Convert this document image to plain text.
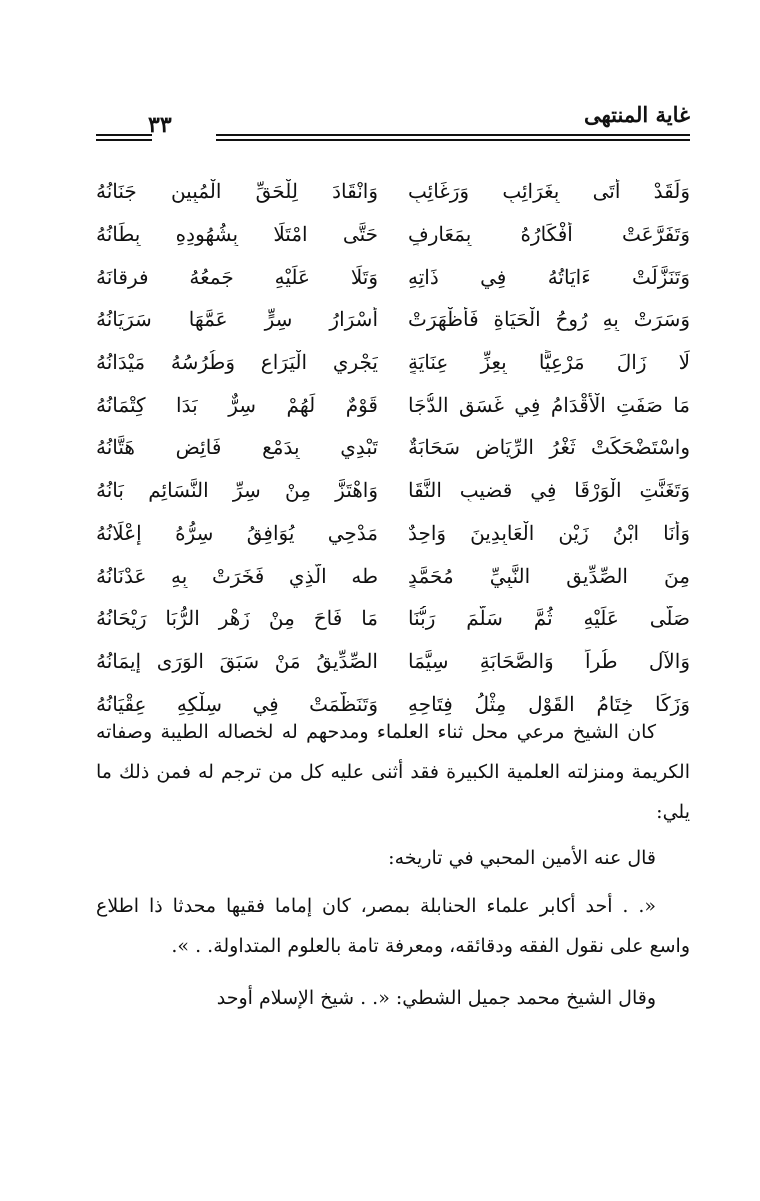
غاية المنتهى
٣٣
وَلَقَدْ أَتَى بِغَرَائِبٍ وَرَغَائِبٍ
وَانْقَادَ لِلْحَقِّ الْمُبِينِ جَنَانُهُ
وَتَفَرَّعَتْ أَفْكَارُهُ بِمَعَارِفٍ
حَتَّى امْتَلَا بِشُهُودِهِ بِطَانُهُ
وَتَنَزَّلَتْ ءَايَاتُهُ فِي ذَاتِهِ
وَتَلَا عَلَيْهِ جَمعُهُ فرقانَهُ
وَسَرَتْ بِهِ رُوحُ الْحَيَاةِ فَأَظْهَرَتْ
أَسْرَارُ سِرٍّ عَمَّهَا سَرَيَانُهُ
لَا زَالَ مَرْعِيًّا بِعِزِّ عِنَايَةٍ
يَجْرِي الْيَرَاعِ وَطُرُسُهُ مَيْدَانُهُ
مَا صَفَتِ الْأَقْدَامُ فِي غَسَقِ الدُّجَا
قَوْمٌ لَهُمْ سِرٌّ بَدَا كِتْمَانُهُ
واسْتَضْحَكَتْ ثَغْرُ الرِّيَاضِ سَحَابَةٌ
تَبْدِي بِدَمْعٍ فَائِضٍ هَتَّانُهُ
وَتَغَنَّتِ الْوَرْقَا فِي قضيبِ النَّقَا
وَاهْتَزَّ مِنْ سِرِّ النَّسَائِمِ بَانُهُ
وَأَنَا ابْنُ زَيْنِ الْعَابِدِينَ وَاحِدٌ
مَدْحِي يُوَافِقُ سِرُّهُ إِعْلَانُهُ
مِنَ الصِّدِّيقِ النَّبِيِّ مُحَمَّدٍ
طه الَّذِي فَخَرَتْ بِهِ عَدْنَانُهُ
صَلَّى عَلَيْهِ ثُمَّ سَلَّمَ رَبُّنَا
مَا فَاحَ مِنْ زَهْرِ الرُّبَا رَيْحَانُهُ
وَالآلِ طُراً وَالصَّحَابَةِ سِيَّمَا
الصِّدِّيقُ مَنْ سَبَقَ الوَرَى إِيمَانُهُ
وَزَكَا خِتَامُ القَوْلِ مِثْلُ فِتَاحِهِ
وَتَنَظَّمَتْ فِي سِلْكِهِ عِقْيَانُهُ

كان الشيخ مرعي محل ثناء العلماء ومدحهم له لخصاله الطيبة وصفاته الكريمة ومنزلته العلمية الكبيرة فقد أثنى عليه كل من ترجم له فمن ذلك ما يلي:

قال عنه الأمين المحبي في تاريخه:

«. . أحد أكابر علماء الحنابلة بمصر، كان إماما فقيها محدثا ذا اطلاع واسع على نقول الفقه ودقائقه، ومعرفة تامة بالعلوم المتداولة. . ».

وقال الشيخ محمد جميل الشطي: «. . شيخ الإسلام أوحد
